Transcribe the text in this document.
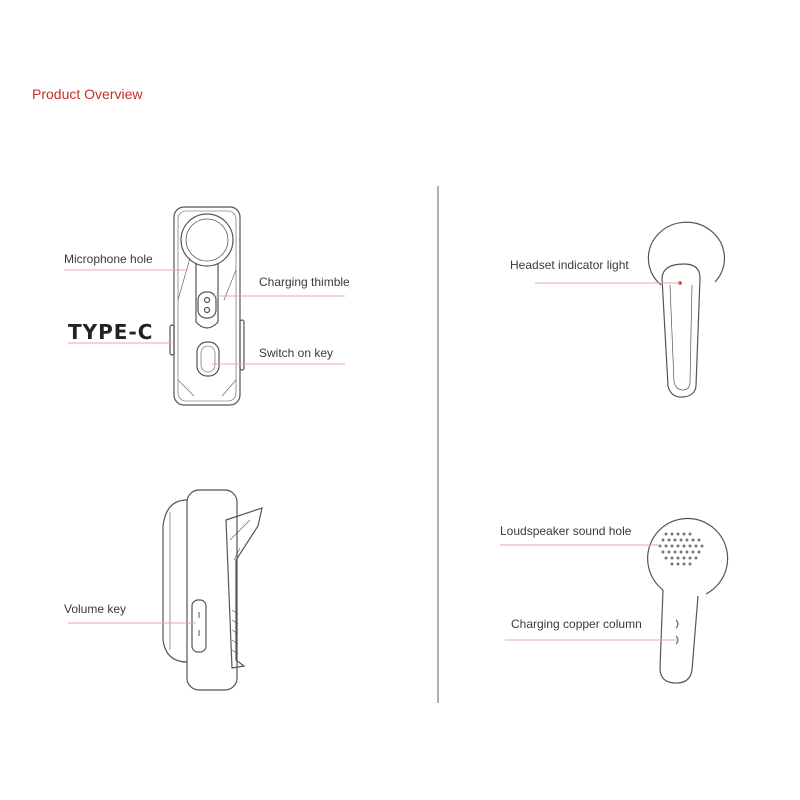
Product Overview
Microphone hole
Charging thimble
TYPE-C
Switch on key
Headset indicator light
Volume key
Loudspeaker sound hole
Charging copper column
